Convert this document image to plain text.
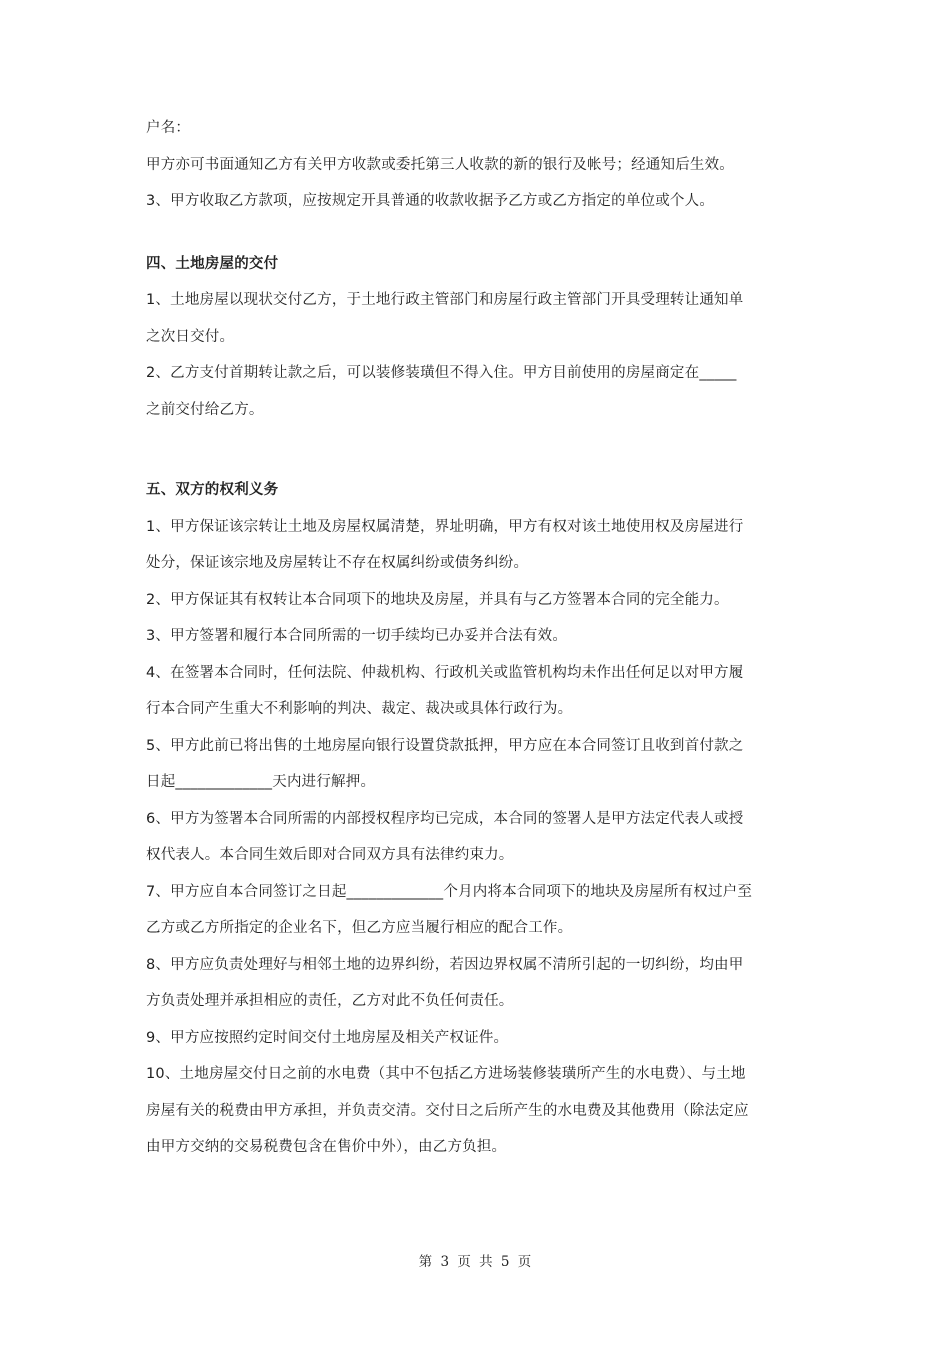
户名：
甲方亦可书面通知乙方有关甲方收款或委托第三人收款的新的银行及帐号；经通知后生效。
3、甲方收取乙方款项，应按规定开具普通的收款收据予乙方或乙方指定的单位或个人。
四、土地房屋的交付
1、土地房屋以现状交付乙方，于土地行政主管部门和房屋行政主管部门开具受理转让通知单
之次日交付。
2、乙方支付首期转让款之后，可以装修装璜但不得入住。甲方目前使用的房屋商定在_____
之前交付给乙方。
五、双方的权利义务
1、甲方保证该宗转让土地及房屋权属清楚，界址明确，甲方有权对该土地使用权及房屋进行
处分，保证该宗地及房屋转让不存在权属纠纷或债务纠纷。
2、甲方保证其有权转让本合同项下的地块及房屋，并具有与乙方签署本合同的完全能力。
3、甲方签署和履行本合同所需的一切手续均已办妥并合法有效。
4、在签署本合同时，任何法院、仲裁机构、行政机关或监管机构均未作出任何足以对甲方履
行本合同产生重大不利影响的判决、裁定、裁决或具体行政行为。
5、甲方此前已将出售的土地房屋向银行设置贷款抵押，甲方应在本合同签订且收到首付款之
日起_____________天内进行解押。
6、甲方为签署本合同所需的内部授权程序均已完成，本合同的签署人是甲方法定代表人或授
权代表人。本合同生效后即对合同双方具有法律约束力。
7、甲方应自本合同签订之日起_____________个月内将本合同项下的地块及房屋所有权过户至
乙方或乙方所指定的企业名下，但乙方应当履行相应的配合工作。
8、甲方应负责处理好与相邻土地的边界纠纷，若因边界权属不清所引起的一切纠纷，均由甲
方负责处理并承担相应的责任，乙方对此不负任何责任。
9、甲方应按照约定时间交付土地房屋及相关产权证件。
10、土地房屋交付日之前的水电费（其中不包括乙方进场装修装璜所产生的水电费）、与土地
房屋有关的税费由甲方承担，并负责交清。交付日之后所产生的水电费及其他费用（除法定应
由甲方交纳的交易税费包含在售价中外），由乙方负担。
第 3 页 共 5 页
